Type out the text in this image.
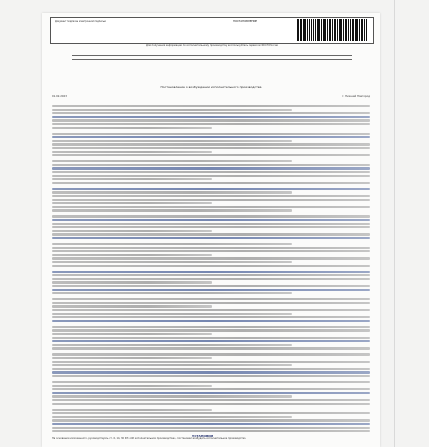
Документ подписан электронной подписью	ПОСТАНОВЛЕНИЕ
Для получения информации по исполнительному производству воспользуйтесь сервисом ФССП России
Постановление о возбуждении исполнительного производства
01.02.2023	г. Нижний Новгород
УСТАНОВИЛ
На основании изложенного, руководствуясь ст. 6, 14, 30 ФЗ «Об исполнительном производстве», постановил возбудить исполнительное производство.
